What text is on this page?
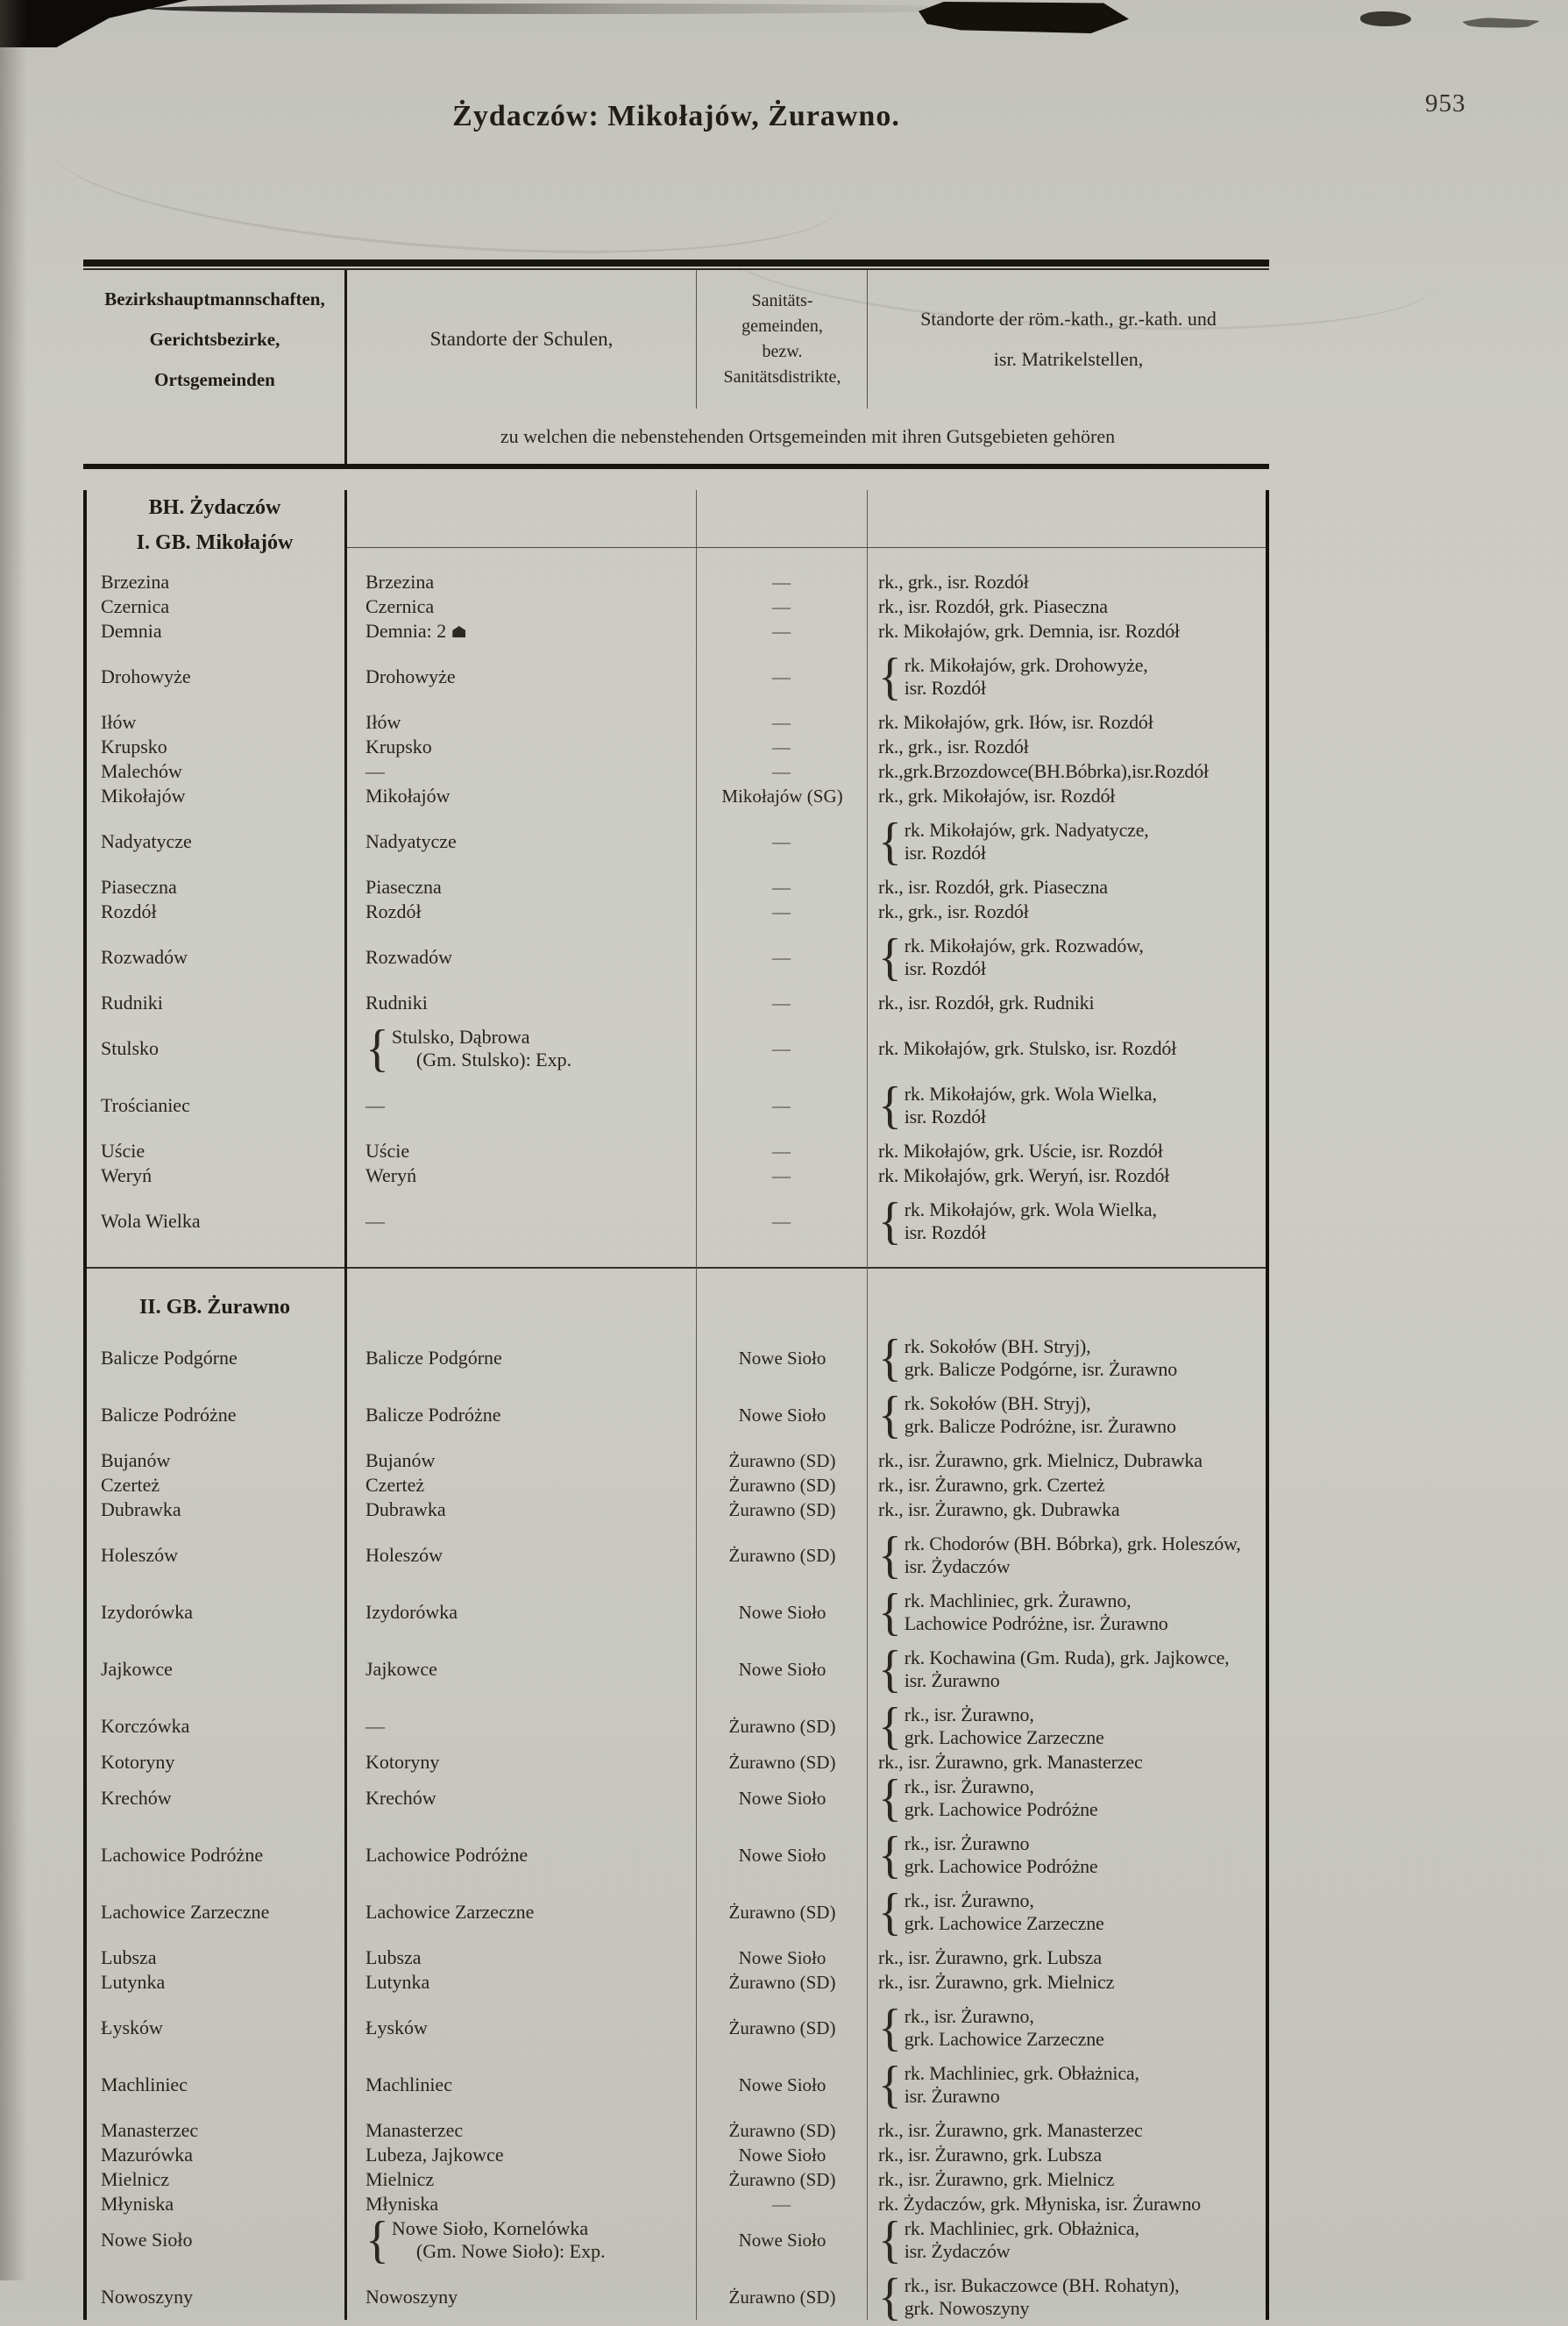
953
Żydaczów: Mikołajów, Żurawno.
Bezirkshauptmannschaften,
Gerichtsbezirke,
Ortsgemeinden
Standorte der Schulen,
Sanitäts-
gemeinden,
bezw.
Sanitätsdistrikte,
Standorte der röm.-kath., gr.-kath. und
isr. Matrikelstellen,
zu welchen die nebenstehenden Ortsgemeinden mit ihren Gutsgebieten gehören
BH. Żydaczów
I. GB. Mikołajów
Brzezina	Brzezina	—	rk., grk., isr. Rozdół
Czernica	Czernica	—	rk., isr. Rozdół, grk. Piaseczna
Demnia	Demnia: 2	—	rk. Mikołajów, grk. Demnia, isr. Rozdół
Drohowyże	Drohowyże	—	{ rk. Mikołajów, grk. Drohowyże,
isr. Rozdół
Iłów	Iłów	—	rk. Mikołajów, grk. Iłów, isr. Rozdół
Krupsko	Krupsko	—	rk., grk., isr. Rozdół
Malechów	—	—	rk.,grk.Brzozdowce(BH.Bóbrka),isr.Rozdół
Mikołajów	Mikołajów	Mikołajów (SG)	rk., grk. Mikołajów, isr. Rozdół
Nadyatycze	Nadyatycze	—	{ rk. Mikołajów, grk. Nadyatycze,
isr. Rozdół
Piaseczna	Piaseczna	—	rk., isr. Rozdół, grk. Piaseczna
Rozdół	Rozdół	—	rk., grk., isr. Rozdół
Rozwadów	Rozwadów	—	{ rk. Mikołajów, grk. Rozwadów,
isr. Rozdół
Rudniki	Rudniki	—	rk., isr. Rozdół, grk. Rudniki
Stulsko	{ Stulsko, Dąbrowa
(Gm. Stulsko): Exp.	—	rk. Mikołajów, grk. Stulsko, isr. Rozdół
Trościaniec	—	—	{ rk. Mikołajów, grk. Wola Wielka,
isr. Rozdół
Uście	Uście	—	rk. Mikołajów, grk. Uście, isr. Rozdół
Weryń	Weryń	—	rk. Mikołajów, grk. Weryń, isr. Rozdół
Wola Wielka	—	—	{ rk. Mikołajów, grk. Wola Wielka,
isr. Rozdół
II. GB. Żurawno
Balicze Podgórne	Balicze Podgórne	Nowe Sioło	{ rk. Sokołów (BH. Stryj),
grk. Balicze Podgórne, isr. Żurawno
Balicze Podróżne	Balicze Podróżne	Nowe Sioło	{ rk. Sokołów (BH. Stryj),
grk. Balicze Podróżne, isr. Żurawno
Bujanów	Bujanów	Żurawno (SD)	rk., isr. Żurawno, grk. Mielnicz, Dubrawka
Czerteż	Czerteż	Żurawno (SD)	rk., isr. Żurawno, grk. Czerteż
Dubrawka	Dubrawka	Żurawno (SD)	rk., isr. Żurawno, gk. Dubrawka
Holeszów	Holeszów	Żurawno (SD) { rk. Chodorów (BH. Bóbrka), grk. Holeszów,
isr. Żydaczów
Izydorówka	Izydorówka	Nowe Sioło	{ rk. Machliniec, grk. Żurawno,
Lachowice Podróżne, isr. Żurawno
Jajkowce	Jajkowce	Nowe Sioło	{ rk. Kochawina (Gm. Ruda), grk. Jajkowce,
isr. Żurawno
Korczówka	—	Żurawno (SD) { rk., isr. Żurawno,
grk. Lachowice Zarzeczne
Kotoryny	Kotoryny	Żurawno (SD)	rk., isr. Żurawno, grk. Manasterzec
Krechów	Krechów	Nowe Sioło	{ rk., isr. Żurawno,
grk. Lachowice Podróżne
Lachowice Podróżne	Lachowice Podróżne	Nowe Sioło	{ rk., isr. Żurawno
grk. Lachowice Podróżne
Lachowice Zarzeczne	Lachowice Zarzeczne	Żurawno (SD) { rk., isr. Żurawno,
grk. Lachowice Zarzeczne
Lubsza	Lubsza	Nowe Sioło	rk., isr. Żurawno, grk. Lubsza
Lutynka	Lutynka	Żurawno (SD)	rk., isr. Żurawno, grk. Mielnicz
Łysków	Łysków	Żurawno (SD) { rk., isr. Żurawno,
grk. Lachowice Zarzeczne
Machliniec	Machliniec	Nowe Sioło	{ rk. Machliniec, grk. Obłażnica,
isr. Żurawno
Manasterzec	Manasterzec	Żurawno (SD)	rk., isr. Żurawno, grk. Manasterzec
Mazurówka	Lubeza, Jajkowce	Nowe Sioło	rk., isr. Żurawno, grk. Lubsza
Mielnicz	Mielnicz	Żurawno (SD)	rk., isr. Żurawno, grk. Mielnicz
Młyniska	Młyniska	—	rk. Żydaczów, grk. Młyniska, isr. Żurawno
Nowe Sioło	{ Nowe Sioło, Kornelówka
(Gm. Nowe Sioło): Exp.	Nowe Sioło	{ rk. Machliniec, grk. Obłażnica,
isr. Żydaczów
Nowoszyny	Nowoszyny	Żurawno (SD) { rk., isr. Bukaczowce (BH. Rohatyn),
grk. Nowoszyny
